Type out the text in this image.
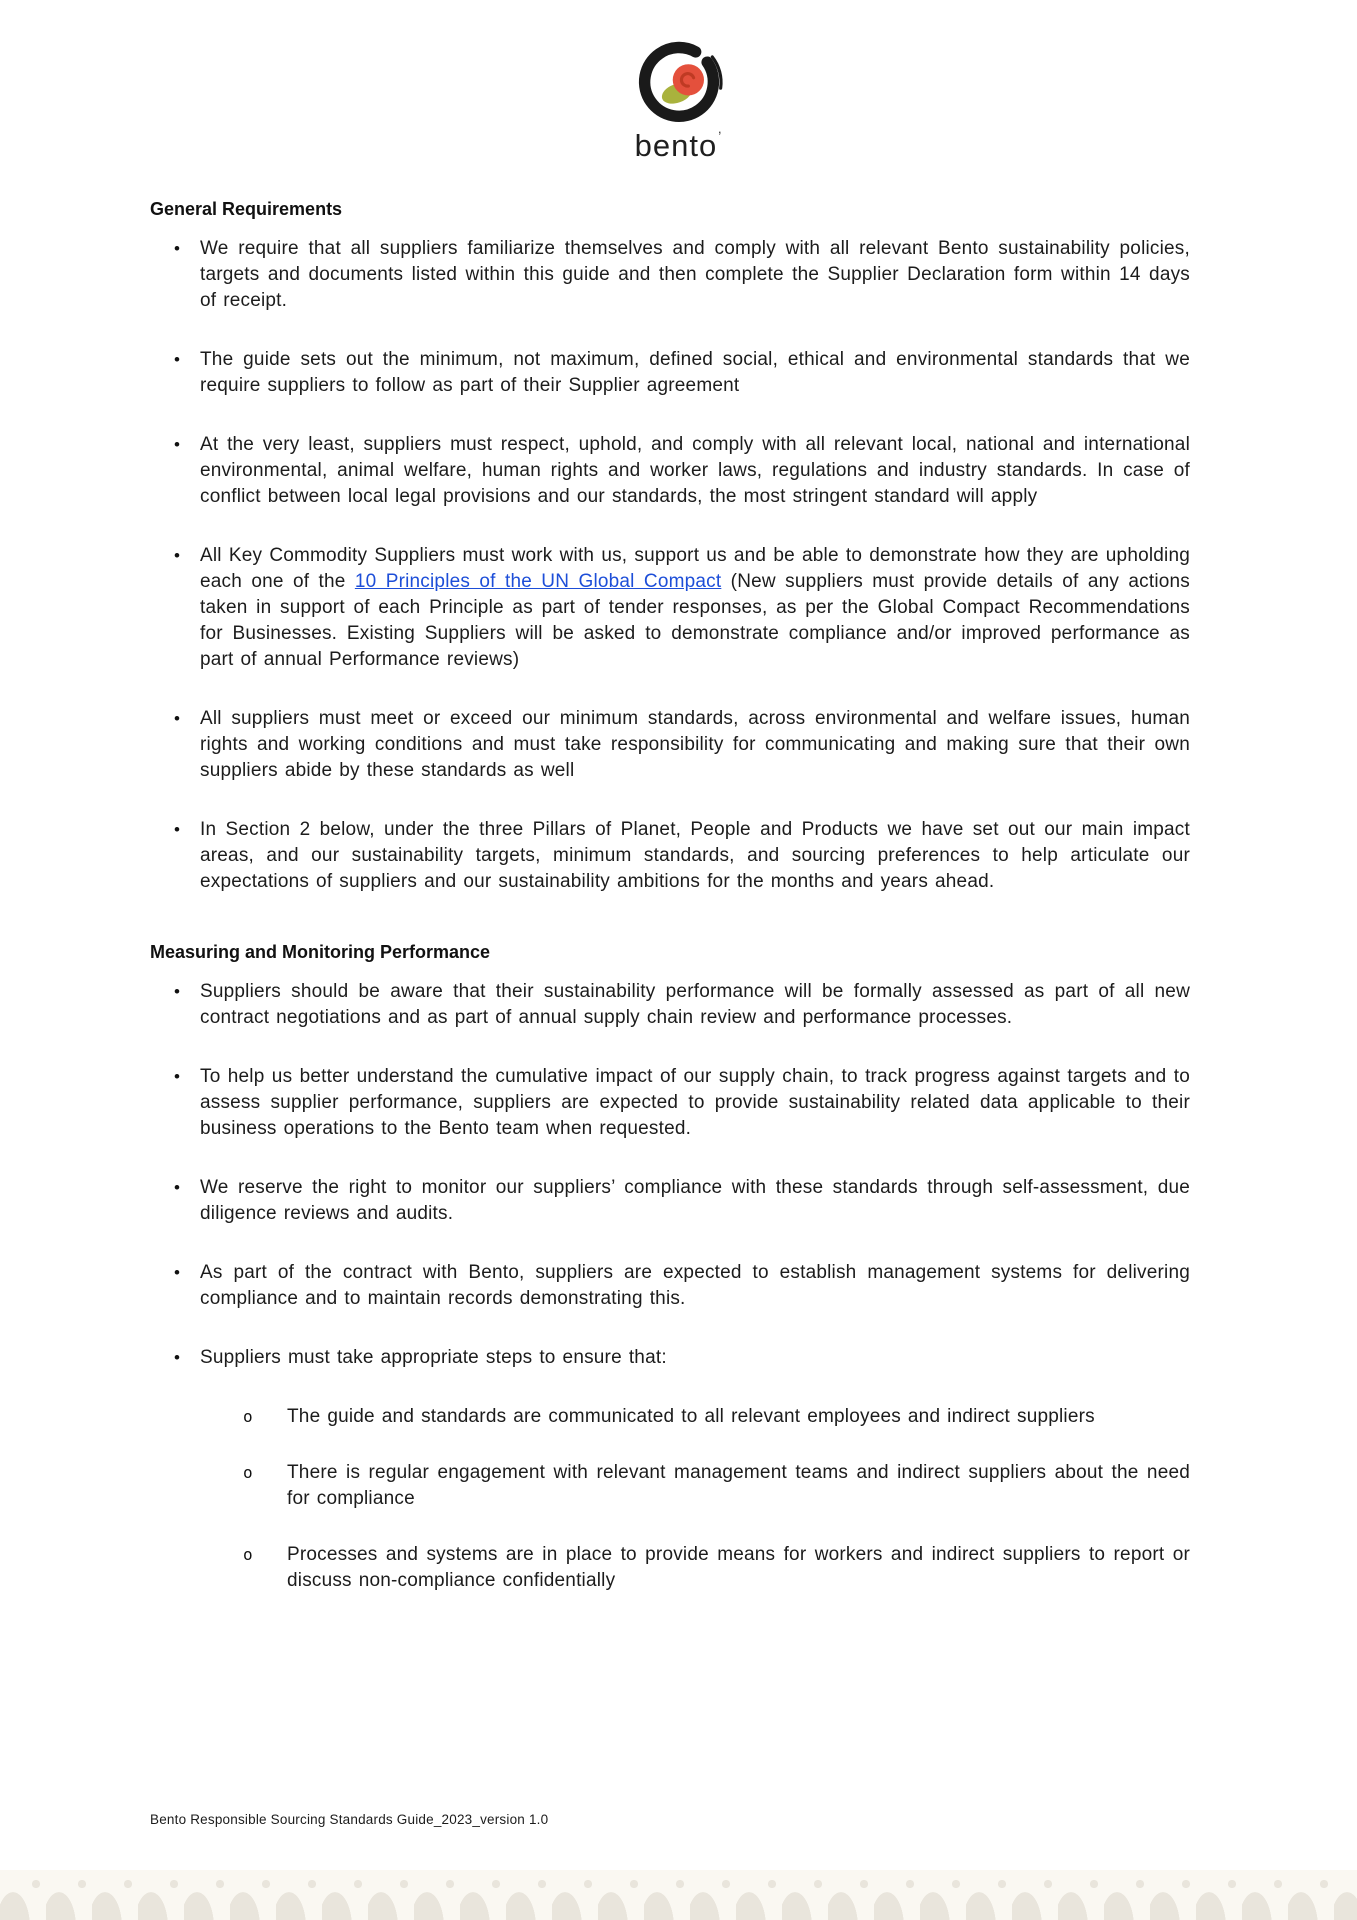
bento$^ʼ$
General Requirements
•	We require that all suppliers familiarize themselves and comply with all relevant Bento sustainability policies, targets and documents listed within this guide and then complete the Supplier Declaration form within 14 days of receipt.
•	The guide sets out the minimum, not maximum, defined social, ethical and environmental standards that we require suppliers to follow as part of their Supplier agreement
•	At the very least, suppliers must respect, uphold, and comply with all relevant local, national and international environmental, animal welfare, human rights and worker laws, regulations and industry standards. In case of conflict between local legal provisions and our standards, the most stringent standard will apply
•	All Key Commodity Suppliers must work with us, support us and be able to demonstrate how they are upholding each one of the 10 Principles of the UN Global Compact (New suppliers must provide details of any actions taken in support of each Principle as part of tender responses, as per the Global Compact Recommendations for Businesses. Existing Suppliers will be asked to demonstrate compliance and/or improved performance as part of annual Performance reviews)
•	All suppliers must meet or exceed our minimum standards, across environmental and welfare issues, human rights and working conditions and must take responsibility for communicating and making sure that their own suppliers abide by these standards as well
•	In Section 2 below, under the three Pillars of Planet, People and Products we have set out our main impact areas, and our sustainability targets, minimum standards, and sourcing preferences to help articulate our expectations of suppliers and our sustainability ambitions for the months and years ahead.
Measuring and Monitoring Performance
•	Suppliers should be aware that their sustainability performance will be formally assessed as part of all new contract negotiations and as part of annual supply chain review and performance processes.
•	To help us better understand the cumulative impact of our supply chain, to track progress against targets and to assess supplier performance, suppliers are expected to provide sustainability related data applicable to their business operations to the Bento team when requested.
•	We reserve the right to monitor our suppliers’ compliance with these standards through self-assessment, due diligence reviews and audits.
•	As part of the contract with Bento, suppliers are expected to establish management systems for delivering compliance and to maintain records demonstrating this.
•	Suppliers must take appropriate steps to ensure that:
o	The guide and standards are communicated to all relevant employees and indirect suppliers
o	There is regular engagement with relevant management teams and indirect suppliers about the need for compliance
o	Processes and systems are in place to provide means for workers and indirect suppliers to report or discuss non-compliance confidentially
Bento Responsible Sourcing Standards Guide_2023_version 1.0
